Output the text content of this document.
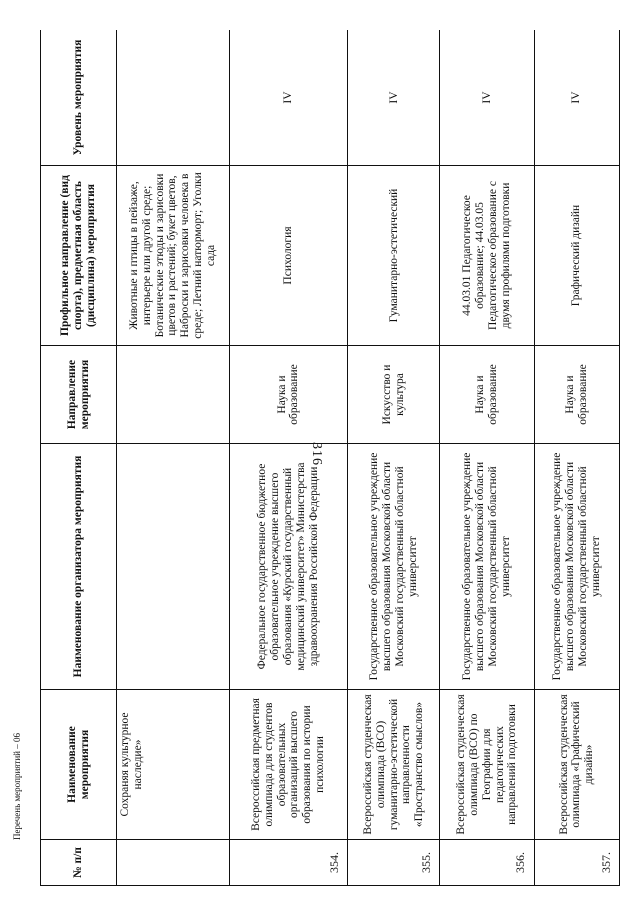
316
№ п/п	Наименование мероприятия	Наименование организатора мероприятия	Направление мероприятия	Профильное направление (вид спорта), предметная область (дисциплина) мероприятия	Уровень мероприятия
	Сохраняя культурное наследие»			Животные и птицы в пейзаже, интерьере или другой среде; Ботанические этюды и зарисовки цветов и растений; букет цветов, Наброски и зарисовки человека в среде; Летний натюрморт; Уголки сада	
354.	Всероссийская предметная олимпиада для студентов образовательных организаций высшего образования по истории психологии	Федеральное государственное бюджетное образовательное учреждение высшего образования «Курский государственный медицинский университет» Министерства здравоохранения Российской Федерации	Наука и образование	Психология	IV
355.	Всероссийская студенческая олимпиада (ВСО) гуманитарно-эстетической направленности «Пространство смыслов»	Государственное образовательное учреждение высшего образования Московской области Московский государственный областной университет	Искусство и культура	Гуманитарно-эстетический	IV
356.	Всероссийская студенческая олимпиада (ВСО) по Географии для педагогических направлений подготовки	Государственное образовательное учреждение высшего образования Московской области Московский государственный областной университет	Наука и образование	44.03.01 Педагогическое образование; 44.03.05 Педагогическое образование с двумя профилями подготовки	IV
357.	Всероссийская студенческая олимпиада «Графический дизайн»	Государственное образовательное учреждение высшего образования Московской области Московский государственный областной университет	Наука и образование	Графический дизайн	IV
Перечень мероприятий – 06
